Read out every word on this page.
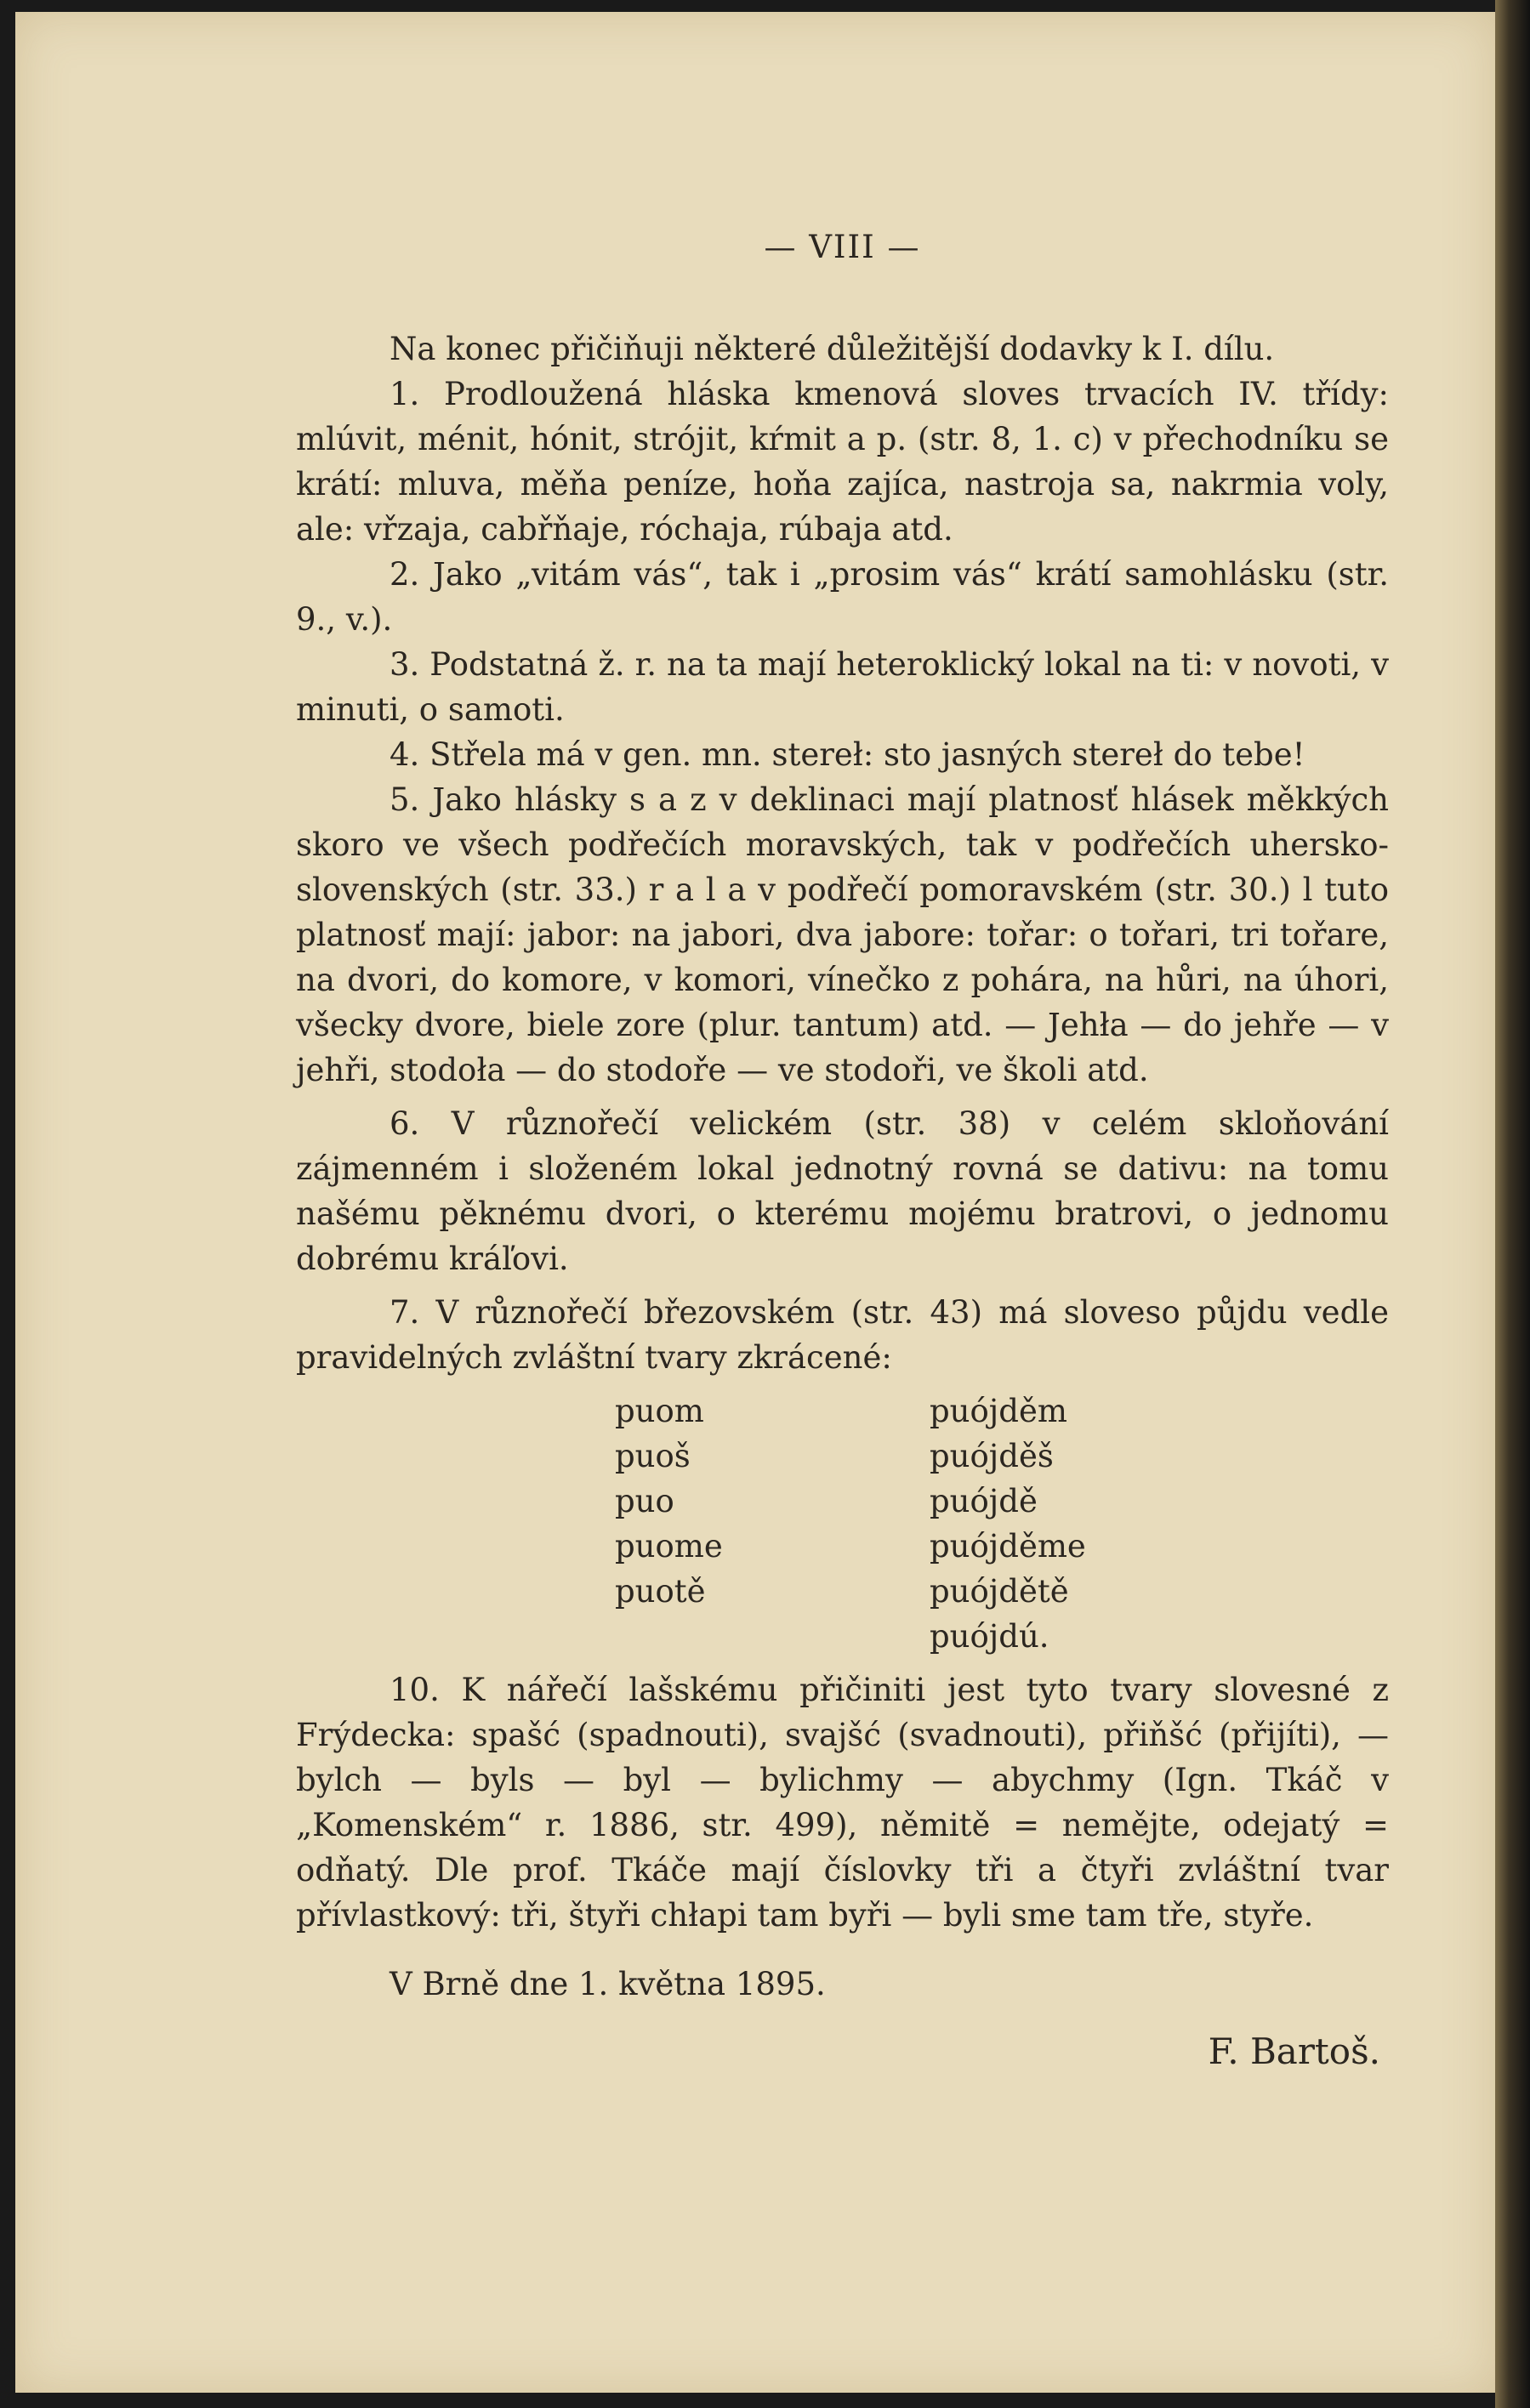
— VIII —
Na konec přičiňuji některé důležitější dodavky k I. dílu.
1. Prodloužená hláska kmenová sloves trvacích IV. třídy: mlúvit, ménit, hónit, strójit, kŕmit a p. (str. 8, 1. c) v přechodníku se krátí: mluva, měňa peníze, hoňa zajíca, nastroja sa, nakrmia voly, ale: vřzaja, cabřňaje, róchaja, rúbaja atd.
2. Jako „vitám vás“, tak i „prosim vás“ krátí samohlásku (str. 9., v.).
3. Podstatná ž. r. na ta mají heteroklický lokal na ti: v novoti, v minuti, o samoti.
4. Střela má v gen. mn. stereł: sto jasných stereł do tebe!
5. Jako hlásky s a z v deklinaci mají platnosť hlásek měkkých skoro ve všech podřečích moravských, tak v podřečích uhersko-slovenských (str. 33.) r a l a v podřečí pomoravském (str. 30.) l tuto platnosť mají: jabor: na jabori, dva jabore: tořar: o tořari, tri tořare, na dvori, do komore, v komori, vínečko z pohára, na hůri, na úhori, všecky dvore, biele zore (plur. tantum) atd. — Jehła — do jehře — v jehři, stodoła — do stodoře — ve stodoři, ve školi atd.
6. V různořečí velickém (str. 38) v celém skloňování zájmenném i složeném lokal jednotný rovná se dativu: na tomu našému pěknému dvori, o kterému mojému bratrovi, o jednomu dobrému kráľovi.
7. V různořečí březovském (str. 43) má sloveso půjdu vedle pravidelných zvláštní tvary zkrácené:
puom
puoš
puo
puome
puotě
puójděm
puójděš
puójdě
puójděme
puójdětě
puójdú.
10. K nářečí lašskému přičiniti jest tyto tvary slovesné z Frýdecka: spašć (spadnouti), svajšć (svadnouti), přiňšć (přijíti), — bylch — byls — byl — bylichmy — abychmy (Ign. Tkáč v „Komenském“ r. 1886, str. 499), němitě = nemějte, odejatý = odňatý. Dle prof. Tkáče mají číslovky tři a čtyři zvláštní tvar přívlastkový: tři, štyři chłapi tam byři — byli sme tam tře, styře.
V Brně dne 1. května 1895.
F. Bartoš.
